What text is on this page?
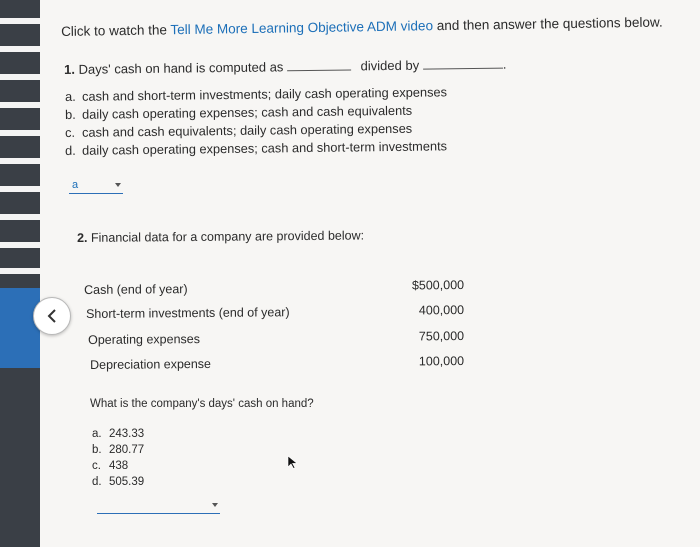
Click to watch the Tell Me More Learning Objective ADM video and then answer the questions below.
1. Days' cash on hand is computed as	divided by	.
a. cash and short-term investments; daily cash operating expenses
b. daily cash operating expenses; cash and cash equivalents
c. cash and cash equivalents; daily cash operating expenses
d. daily cash operating expenses; cash and short-term investments
a
2. Financial data for a company are provided below:
Cash (end of year)	$500,000
Short-term investments (end of year)	400,000
Operating expenses	750,000
Depreciation expense	100,000
What is the company's days' cash on hand?
a. 243.33
b. 280.77
c. 438
d. 505.39
